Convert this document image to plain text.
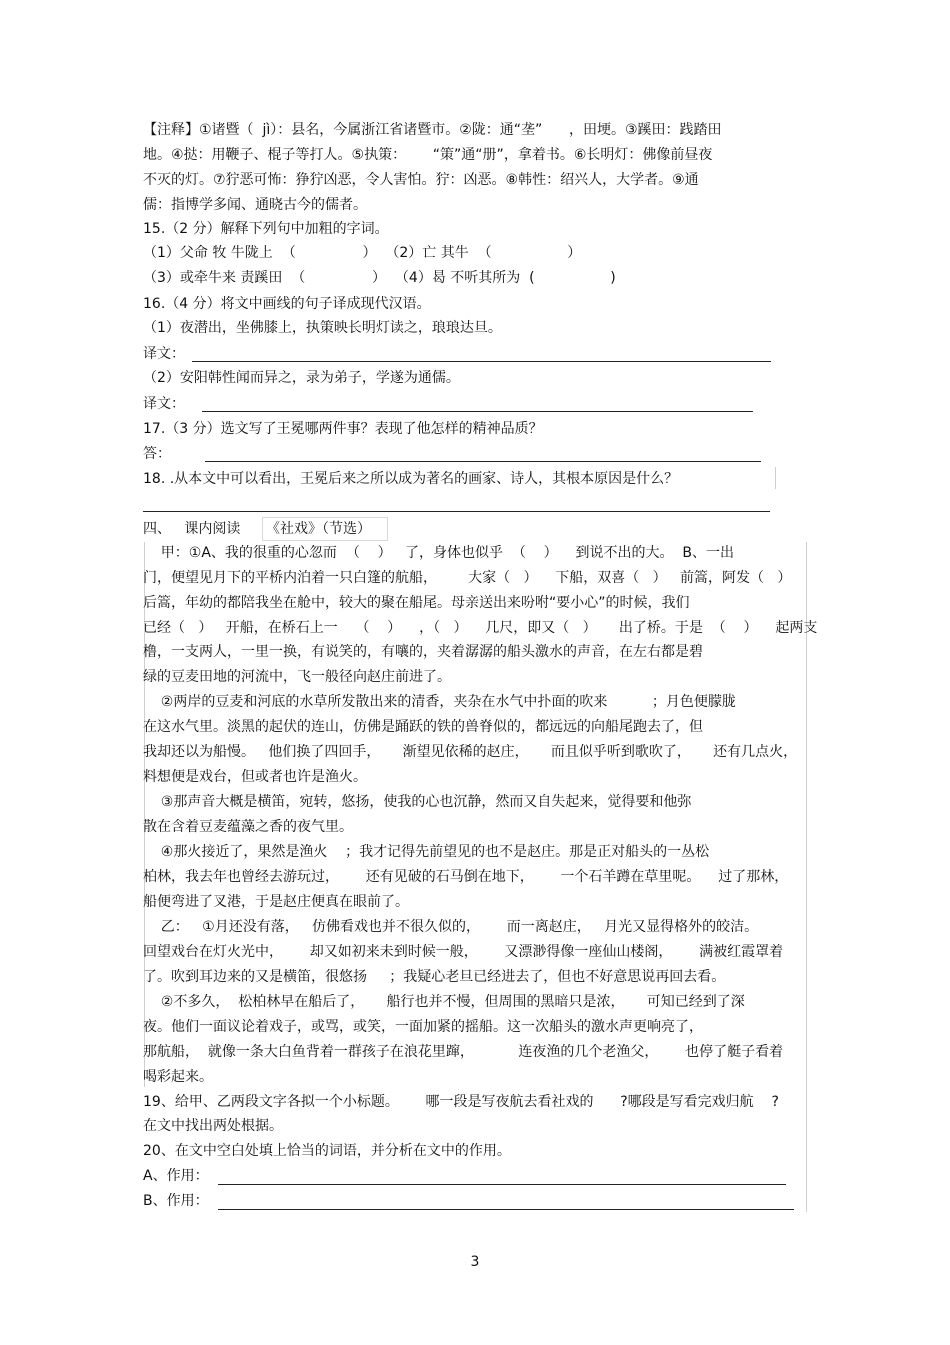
【注释】①诸暨（  jì）：县名，今属浙江省诸暨市。②陇：通“垄”      ，田埂。③蹊田：践踏田
地。④挞：用鞭子、棍子等打人。⑤执策：      “策”通“册”，拿着书。⑥长明灯：佛像前昼夜
不灭的灯。⑦狞恶可怖：狰狞凶恶，令人害怕。狞：凶恶。⑧韩性：绍兴人，大学者。⑨通
儒：指博学多闻、通晓古今的儒者。
15.（2 分）解释下列句中加粗的字词。
（1）父命 牧 牛陇上  （               ）  （2）亡 其牛  （                 ）
（3）或牵牛来 责蹊田  （               ）  （4）曷 不听其所为  (                 )
16.（4 分）将文中画线的句子译成现代汉语。
（1）夜潜出，坐佛膝上，执策映长明灯读之，琅琅达旦。
译文：
（2）安阳韩性闻而异之，录为弟子，学遂为通儒。
译文：
17.（3 分）选文写了王冕哪两件事？表现了他怎样的精神品质？
答：
18. .从本文中可以看出，王冕后来之所以成为著名的画家、诗人，其根本原因是什么？
四、   课内阅读 《社戏》（节选）
甲：①A、我的很重的心忽而  （    ）   了，身体也似乎  （    ）    到说不出的大。  B、一出
门，便望见月下的平桥内泊着一只白篷的航船，       大家（   ）    下船，双喜（   ）   前篙，阿发（   ）
后篙，年幼的都陪我坐在舱中，较大的聚在船尾。母亲送出来吩咐“要小心”的时候，我们
已经（   ）   开船，在桥石上一    （    ）    ，（   ）    几尺，即又（   ）     出了桥。于是  （    ）    起两支
橹，一支两人，一里一换，有说笑的，有嚷的，夹着潺潺的船头激水的声音，在左右都是碧
绿的豆麦田地的河流中，飞一般径向赵庄前进了。
②两岸的豆麦和河底的水草所发散出来的清香，夹杂在水气中扑面的吹来          ；月色便朦胧
在这水气里。淡黑的起伏的连山，仿佛是踊跃的铁的兽脊似的，都远远的向船尾跑去了，但
我却还以为船慢。   他们换了四回手，     渐望见依稀的赵庄，     而且似乎听到歌吹了，     还有几点火，
料想便是戏台，但或者也许是渔火。
③那声音大概是横笛，宛转，悠扬，使我的心也沉静，然而又自失起来，觉得要和他弥
散在含着豆麦蕴藻之香的夜气里。
④那火接近了，果然是渔火    ；我才记得先前望见的也不是赵庄。那是正对船头的一丛松
柏林，我去年也曾经去游玩过，      还有见破的石马倒在地下，      一个石羊蹲在草里呢。    过了那林，
船便弯进了叉港，于是赵庄便真在眼前了。
乙：   ①月还没有落，   仿佛看戏也并不很久似的，      而一离赵庄，   月光又显得格外的皎洁。
回望戏台在灯火光中，      却又如初来未到时候一般，      又漂渺得像一座仙山楼阁，      满被红霞罩着
了。吹到耳边来的又是横笛，很悠扬     ；我疑心老旦已经进去了，但也不好意思说再回去看。
②不多久，  松柏林早在船后了，     船行也并不慢，但周围的黑暗只是浓，     可知已经到了深
夜。他们一面议论着戏子，或骂，或笑，一面加紧的摇船。这一次船头的激水声更响亮了，
那航船，  就像一条大白鱼背着一群孩子在浪花里蹿，          连夜渔的几个老渔父，      也停了艇子看着
喝彩起来。
19、给甲、乙两段文字各拟一个小标题。      哪一段是写夜航去看社戏的      ?哪段是写看完戏归航    ?
在文中找出两处根据。
20、在文中空白处填上恰当的词语，并分析在文中的作用。
A、作用：
B、作用：
3
